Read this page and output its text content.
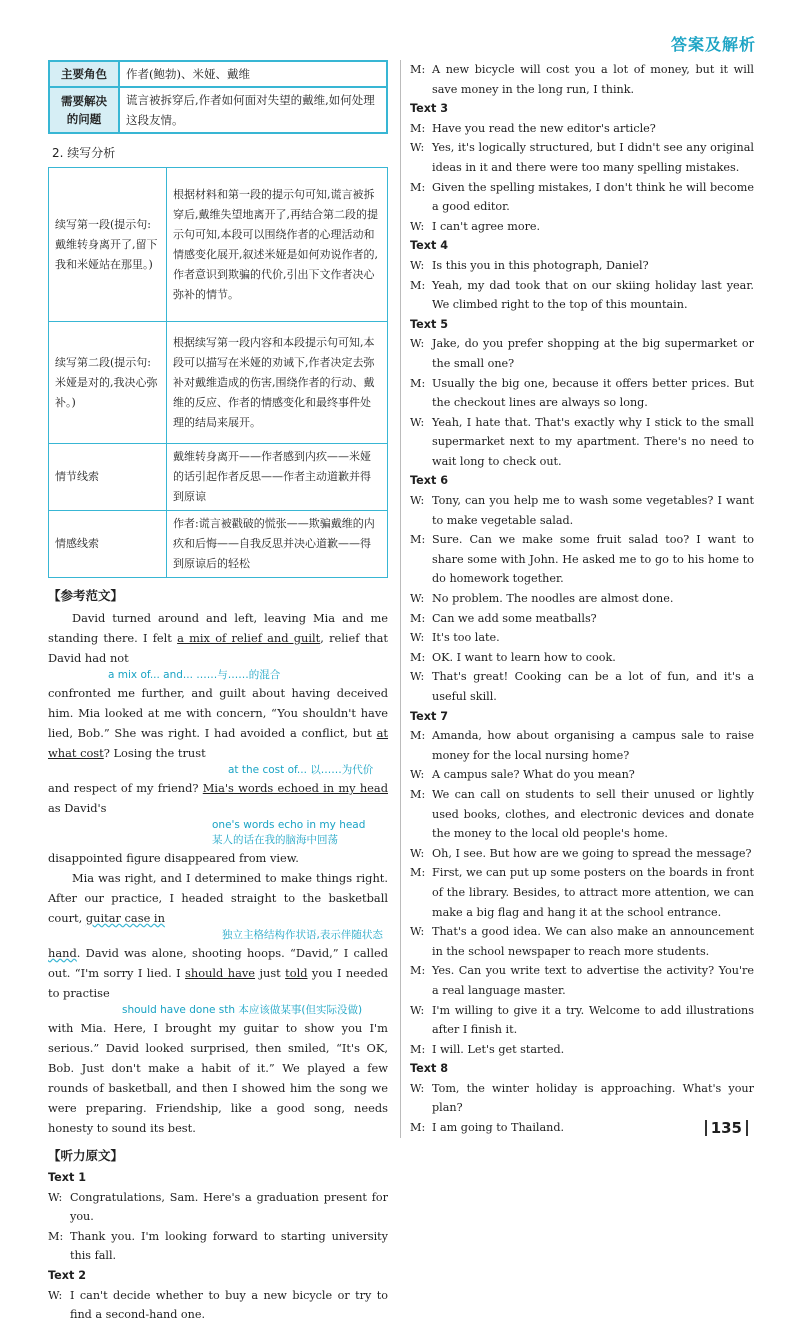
答案及解析
主要角色	作者(鲍勃)、米娅、戴维
需要解决的问题	谎言被拆穿后,作者如何面对失望的戴维,如何处理这段友情。
2. 续写分析
续写第一段(提示句:戴维转身离开了,留下我和米娅站在那里。)	根据材料和第一段的提示句可知,谎言被拆穿后,戴维失望地离开了,再结合第二段的提示句可知,本段可以围绕作者的心理活动和情感变化展开,叙述米娅是如何劝说作者的,作者意识到欺骗的代价,引出下文作者决心弥补的情节。
续写第二段(提示句:米娅是对的,我决心弥补。)	根据续写第一段内容和本段提示句可知,本段可以描写在米娅的劝诫下,作者决定去弥补对戴维造成的伤害,围绕作者的行动、戴维的反应、作者的情感变化和最终事件处理的结局来展开。
情节线索	戴维转身离开——作者感到内疚——米娅的话引起作者反思——作者主动道歉并得到原谅
情感线索	作者:谎言被戳破的慌张——欺骗戴维的内疚和后悔——自我反思并决心道歉——得到原谅后的轻松
【参考范文】

David turned around and left, leaving Mia and me standing there. I felt a mix of relief and guilt, relief that David had not
a mix of... and... ……与……的混合
confronted me further, and guilt about having deceived him. Mia looked at me with concern, “You shouldn't have lied, Bob.” She was right. I had avoided a conflict, but at what cost? Losing the trust
at the cost of... 以……为代价
and respect of my friend? Mia's words echoed in my head as David's
one's words echo in my head
某人的话在我的脑海中回荡
disappointed figure disappeared from view.

Mia was right, and I determined to make things right. After our practice, I headed straight to the basketball court, guitar case in
独立主格结构作状语,表示伴随状态
hand. David was alone, shooting hoops. “David,” I called out. “I'm sorry I lied. I should have just told you I needed to practise
should have done sth 本应该做某事(但实际没做)
with Mia. Here, I brought my guitar to show you I'm serious.” David looked surprised, then smiled, “It's OK, Bob. Just don't make a habit of it.” We played a few rounds of basketball, and then I showed him the song we were preparing. Friendship, like a good song, needs honesty to sound its best.

【听力原文】

Text 1

W: Congratulations, Sam. Here's a graduation present for you.

M: Thank you. I'm looking forward to starting university this fall.

Text 2

W: I can't decide whether to buy a new bicycle or try to find a second-hand one.

M: A new bicycle will cost you a lot of money, but it will save money in the long run, I think.

Text 3

M: Have you read the new editor's article?

W: Yes, it's logically structured, but I didn't see any original ideas in it and there were too many spelling mistakes.

M: Given the spelling mistakes, I don't think he will become a good editor.

W: I can't agree more.

Text 4

W: Is this you in this photograph, Daniel?

M: Yeah, my dad took that on our skiing holiday last year. We climbed right to the top of this mountain.

Text 5

W: Jake, do you prefer shopping at the big supermarket or the small one?

M: Usually the big one, because it offers better prices. But the checkout lines are always so long.

W: Yeah, I hate that. That's exactly why I stick to the small supermarket next to my apartment. There's no need to wait long to check out.

Text 6

W: Tony, can you help me to wash some vegetables? I want to make vegetable salad.

M: Sure. Can we make some fruit salad too? I want to share some with John. He asked me to go to his home to do homework together.

W: No problem. The noodles are almost done.

M: Can we add some meatballs?

W: It's too late.

M: OK. I want to learn how to cook.

W: That's great! Cooking can be a lot of fun, and it's a useful skill.

Text 7

M: Amanda, how about organising a campus sale to raise money for the local nursing home?

W: A campus sale? What do you mean?

M: We can call on students to sell their unused or lightly used books, clothes, and electronic devices and donate the money to the local old people's home.

W: Oh, I see. But how are we going to spread the message?

M: First, we can put up some posters on the boards in front of the library. Besides, to attract more attention, we can make a big flag and hang it at the school entrance.

W: That's a good idea. We can also make an announcement in the school newspaper to reach more students.

M: Yes. Can you write text to advertise the activity? You're a real language master.

W: I'm willing to give it a try. Welcome to add illustrations after I finish it.

M: I will. Let's get started.

Text 8

W: Tom, the winter holiday is approaching. What's your plan?

M: I am going to Thailand.	135
